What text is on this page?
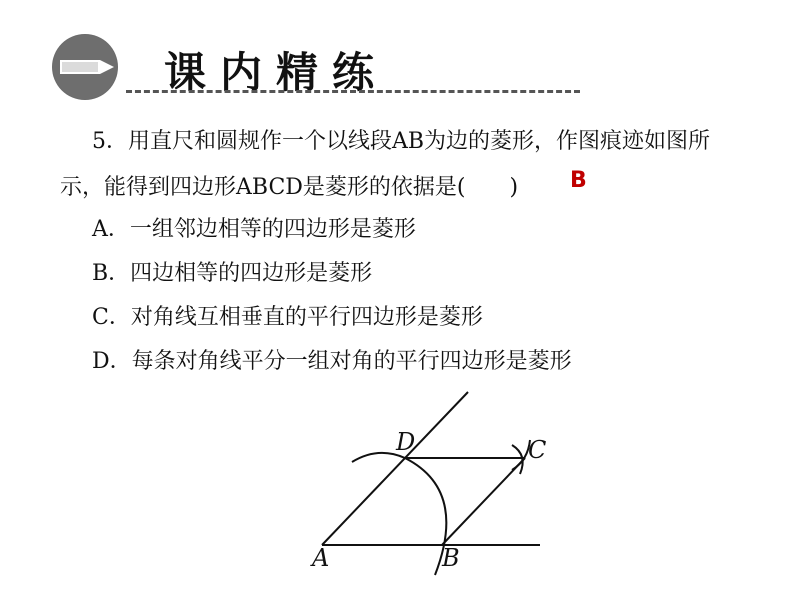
课内精练
5．用直尺和圆规作一个以线段AB为边的菱形，作图痕迹如图所
示，能得到四边形ABCD是菱形的依据是(　　) B
A．一组邻边相等的四边形是菱形
B．四边相等的四边形是菱形
C．对角线互相垂直的平行四边形是菱形
D．每条对角线平分一组对角的平行四边形是菱形
D	C
A	B
